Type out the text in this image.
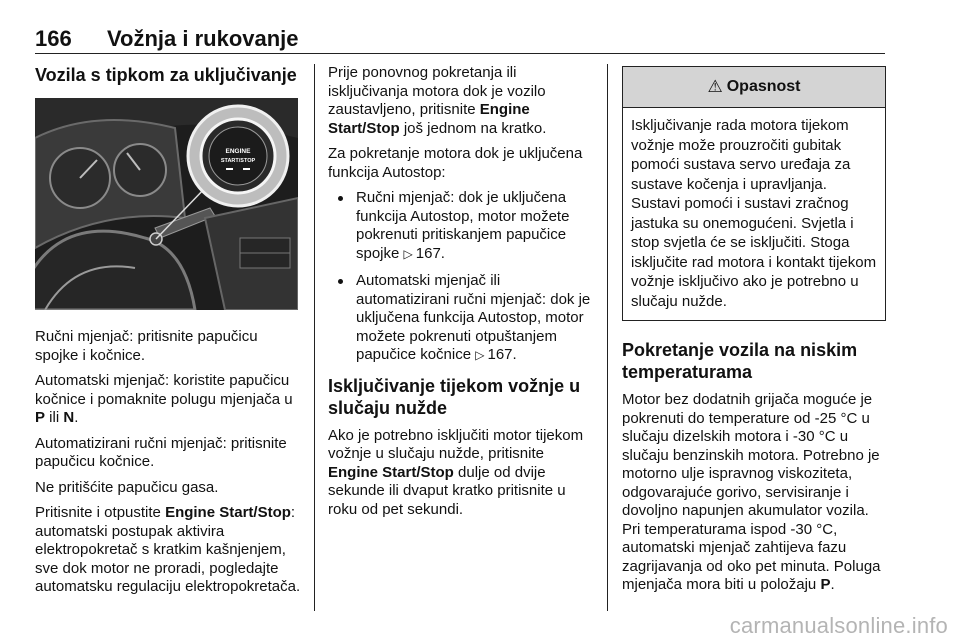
166 Vožnja i rukovanje
Vozila s tipkom za uključivanje
ENGINE
START/STOP

Ručni mjenjač: pritisnite papučicu spojke i kočnice.

Automatski mjenjač: koristite papučicu kočnice i pomaknite polugu mjenjača u P ili N.

Automatizirani ručni mjenjač: pritisnite papučicu kočnice.

Ne pritišćite papučicu gasa.

Pritisnite i otpustite Engine Start/Stop: automatski postupak aktivira elektropokretač s kratkim kašnjenjem, sve dok motor ne proradi, pogledajte automatsku regulaciju elektropokretača.

Prije ponovnog pokretanja ili isključivanja motora dok je vozilo zaustavljeno, pritisnite Engine Start/Stop još jednom na kratko.

Za pokretanje motora dok je uključena funkcija Autostop:

Ručni mjenjač: dok je uključena funkcija Autostop, motor možete pokrenuti pritiskanjem papučice spojke ▷ 167.
Automatski mjenjač ili automatizirani ručni mjenjač: dok je uključena funkcija Autostop, motor možete pokrenuti otpuštanjem papučice kočnice ▷ 167.
Isključivanje tijekom vožnje u slučaju nužde

Ako je potrebno isključiti motor tijekom vožnje u slučaju nužde, pritisnite Engine Start/Stop dulje od dvije sekunde ili dvaput kratko pritisnite u roku od pet sekundi.

⚠ Opasnost
Isključivanje rada motora tijekom vožnje može prouzročiti gubitak pomoći sustava servo uređaja za sustave kočenja i upravljanja. Sustavi pomoći i sustavi zračnog jastuka su onemogućeni. Svjetla i stop svjetla će se isključiti. Stoga isključite rad motora i kontakt tijekom vožnje isključivo ako je potrebno u slučaju nužde.
Pokretanje vozila na niskim temperaturama

Motor bez dodatnih grijača moguće je pokrenuti do temperature od -25 °C u slučaju dizelskih motora i -30 °C u slučaju benzinskih motora. Potrebno je motorno ulje ispravnog viskoziteta, odgovarajuće gorivo, servisiranje i dovoljno napunjen akumulator vozila. Pri temperaturama ispod -30 °C, automatski mjenjač zahtijeva fazu zagrijavanja od oko pet minuta. Poluga mjenjača mora biti u položaju P.

carmanualsonline.info
